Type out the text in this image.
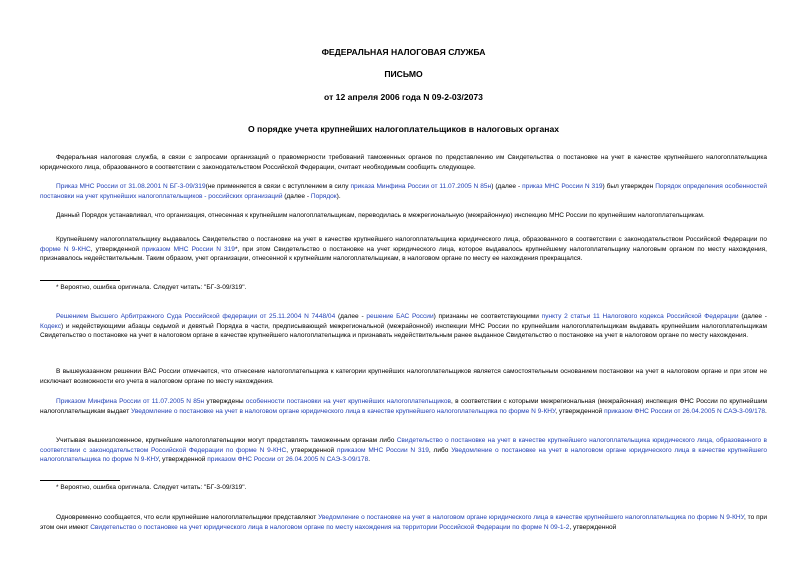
ФЕДЕРАЛЬНАЯ НАЛОГОВАЯ СЛУЖБА
ПИСЬМО
от 12 апреля 2006 года N 09-2-03/2073
О порядке учета крупнейших налогоплательщиков в налоговых органах

Федеральная налоговая служба, в связи с запросами организаций о правомерности требований таможенных органов по представлению им Свидетельства о постановке на учет в качестве крупнейшего налогоплательщика юридического лица, образованного в соответствии с законодательством Российской Федерации, считает необходимым сообщить следующее.

Приказ МНС России от 31.08.2001 N БГ-3-09/319(не применяется в связи с вступлением в силу приказа Минфина России от 11.07.2005 N 85н) (далее - приказ МНС России N 319) был утвержден Порядок определения особенностей постановки на учет крупнейших налогоплательщиков - российских организаций (далее - Порядок).

Данный Порядок устанавливал, что организация, отнесенная к крупнейшим налогоплательщикам, переводилась в межрегиональную (межрайонную) инспекцию МНС России по крупнейшим налогоплательщикам.

Крупнейшему налогоплательщику выдавалось Свидетельство о постановке на учет в качестве крупнейшего налогоплательщика юридического лица, образованного в соответствии с законодательством Российской Федерации по форме N 9-КНС, утвержденной приказом МНС России N 319*, при этом Свидетельство о постановке на учет юридического лица, которое выдавалось крупнейшему налогоплательщику налоговым органом по месту нахождения, признавалось недействительным. Таким образом, учет организации, отнесенной к крупнейшим налогоплательщикам, в налоговом органе по месту ее нахождения прекращался.

* Вероятно, ошибка оригинала. Следует читать: "БГ-3-09/319".

Решением Высшего Арбитражного Суда Российской федерации от 25.11.2004 N 7448/04 (далее - решение БАС России) признаны не соответствующими пункту 2 статьи 11 Налогового кодекса Российской Федерации (далее - Кодекс) и недействующими абзацы седьмой и девятый Порядка в части, предписывающей межрегиональной (межрайонной) инспекции МНС России по крупнейшим налогоплательщикам выдавать крупнейшим налогоплательщикам Свидетельство о постановке на учет в налоговом органе в качестве крупнейшего налогоплательщика и признавать недействительным ранее выданное Свидетельство о постановке на учет в налоговом органе по месту нахождения.

В вышеуказанном решении ВАС России отмечается, что отнесение налогоплательщика к категории крупнейших налогоплательщиков является самостоятельным основанием постановки на учет в налоговом органе и при этом не исключает возможности его учета в налоговом органе по месту нахождения.

Приказом Минфина России от 11.07.2005 N 85н утверждены особенности постановки на учет крупнейших налогоплательщиков, в соответствии с которыми межрегиональная (межрайонная) инспекция ФНС России по крупнейшим налогоплательщикам выдает Уведомление о постановке на учет в налоговом органе юридического лица в качестве крупнейшего налогоплательщика по форме N 9-КНУ, утвержденной приказом ФНС России от 26.04.2005 N САЭ-3-09/178.

Учитывая вышеизложенное, крупнейшие налогоплательщики могут представлять таможенным органам либо Свидетельство о постановке на учет в качестве крупнейшего налогоплательщика юридического лица, образованного в соответствии с законодательством Российской Федерации по форме N 9-КНС, утвержденной приказом МНС России N 319, либо Уведомление о постановке на учет в налоговом органе юридического лица в качестве крупнейшего налогоплательщика по форме N 9-КНУ, утвержденной приказом ФНС России от 26.04.2005 N САЭ-3-09/178.

* Вероятно, ошибка оригинала. Следует читать: "БГ-3-09/319".

Одновременно сообщается, что если крупнейшие налогоплательщики представляют Уведомление о постановке на учет в налоговом органе юридического лица в качестве крупнейшего налогоплательщика по форме N 9-КНУ, то при этом они имеют Свидетельство о постановке на учет юридического лица в налоговом органе по месту нахождения на территории Российской Федерации по форме N 09-1-2, утвержденной
